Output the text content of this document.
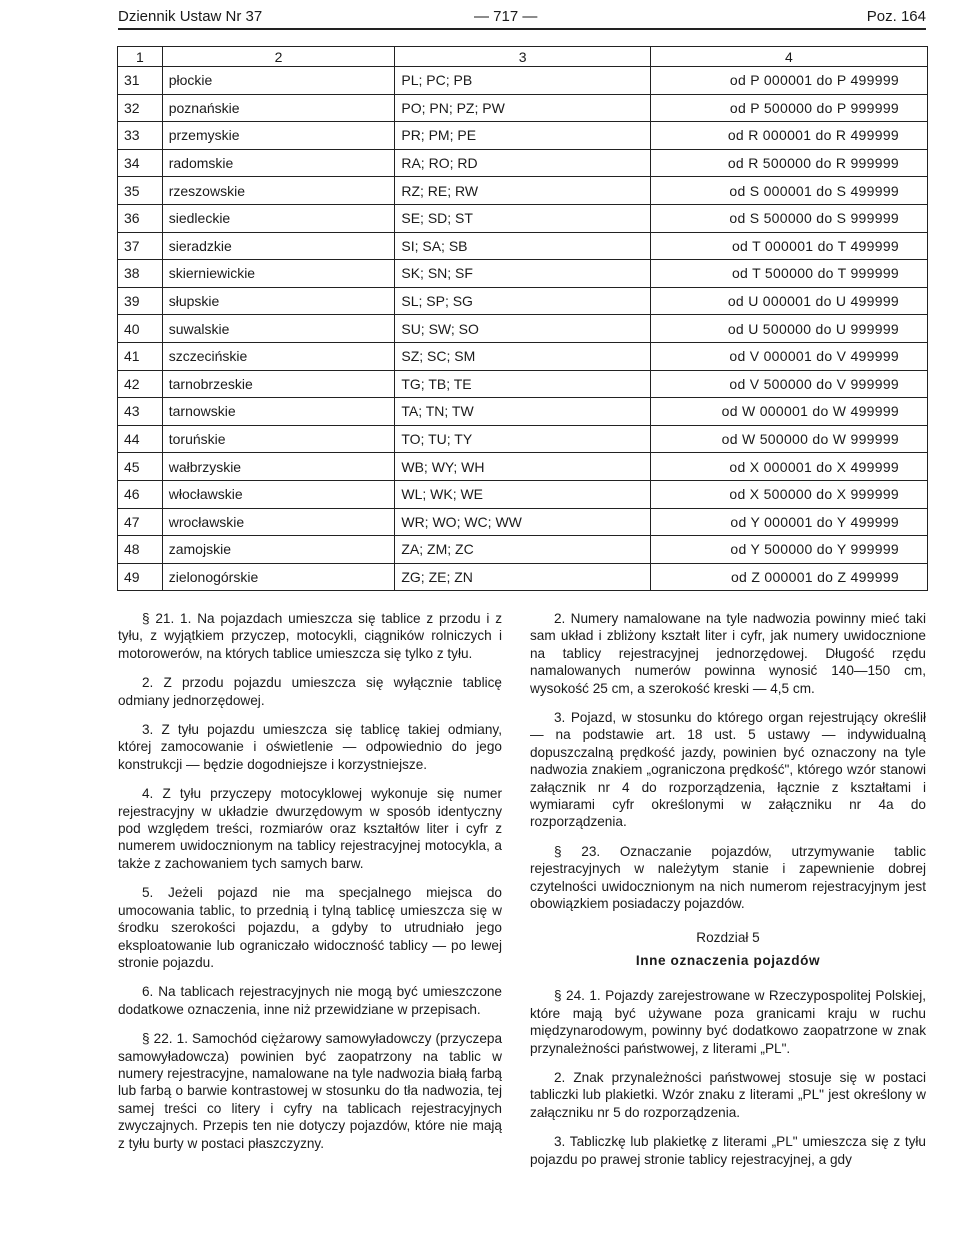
Dziennik Ustaw Nr 37	— 717 —	Poz. 164
1	2	3	4
31	płockie	PL; PC; PB	od P 000001 do P 499999
32	poznańskie	PO; PN; PZ; PW	od P 500000 do P 999999
33	przemyskie	PR; PM; PE	od R 000001 do R 499999
34	radomskie	RA; RO; RD	od R 500000 do R 999999
35	rzeszowskie	RZ; RE; RW	od S 000001 do S 499999
36	siedleckie	SE; SD; ST	od S 500000 do S 999999
37	sieradzkie	SI; SA; SB	od T 000001 do T 499999
38	skierniewickie	SK; SN; SF	od T 500000 do T 999999
39	słupskie	SL; SP; SG	od U 000001 do U 499999
40	suwalskie	SU; SW; SO	od U 500000 do U 999999
41	szczecińskie	SZ; SC; SM	od V 000001 do V 499999
42	tarnobrzeskie	TG; TB; TE	od V 500000 do V 999999
43	tarnowskie	TA; TN; TW	od W 000001 do W 499999
44	toruńskie	TO; TU; TY	od W 500000 do W 999999
45	wałbrzyskie	WB; WY; WH	od X 000001 do X 499999
46	włocławskie	WL; WK; WE	od X 500000 do X 999999
47	wrocławskie	WR; WO; WC; WW	od Y 000001 do Y 499999
48	zamojskie	ZA; ZM; ZC	od Y 500000 do Y 999999
49	zielonogórskie	ZG; ZE; ZN	od Z 000001 do Z 499999

§ 21. 1. Na pojazdach umieszcza się tablice z przodu i z tyłu, z wyjątkiem przyczep, motocykli, ciągników rolniczych i motorowerów, na których tablice umieszcza się tylko z tyłu.

2. Z przodu pojazdu umieszcza się wyłącznie tablicę odmiany jednorzędowej.

3. Z tyłu pojazdu umieszcza się tablicę takiej odmiany, której zamocowanie i oświetlenie — odpowiednio do jego konstrukcji — będzie dogodniejsze i korzystniejsze.

4. Z tyłu przyczepy motocyklowej wykonuje się numer rejestracyjny w układzie dwurzędowym w sposób identyczny pod względem treści, rozmiarów oraz kształtów liter i cyfr z numerem uwidocznionym na tablicy rejestracyjnej motocykla, a także z zachowaniem tych samych barw.

5. Jeżeli pojazd nie ma specjalnego miejsca do umocowania tablic, to przednią i tylną tablicę umieszcza się w środku szerokości pojazdu, a gdyby to utrudniało jego eksploatowanie lub ograniczało widoczność tablicy — po lewej stronie pojazdu.

6. Na tablicach rejestracyjnych nie mogą być umieszczone dodatkowe oznaczenia, inne niż przewidziane w przepisach.

§ 22. 1. Samochód ciężarowy samowyładowczy (przyczepa samowyładowcza) powinien być zaopatrzony na tablic w numery rejestracyjne, namalowane na tyle nadwozia białą farbą lub farbą o barwie kontrastowej w stosunku do tła nadwozia, tej samej treści co litery i cyfry na tablicach rejestracyjnych zwyczajnych. Przepis ten nie dotyczy pojazdów, które nie mają z tyłu burty w postaci płaszczyzny.

2. Numery namalowane na tyle nadwozia powinny mieć taki sam układ i zbliżony kształt liter i cyfr, jak numery uwidocznione na tablicy rejestracyjnej jednorzędowej. Długość rzędu namalowanych numerów powinna wynosić 140—150 cm, wysokość 25 cm, a szerokość kreski — 4,5 cm.

3. Pojazd, w stosunku do którego organ rejestrujący określił — na podstawie art. 18 ust. 5 ustawy — indywidualną dopuszczalną prędkość jazdy, powinien być oznaczony na tyle nadwozia znakiem „ograniczona prędkość", którego wzór stanowi załącznik nr 4 do rozporządzenia, łącznie z kształtami i wymiarami cyfr określonymi w załączniku nr 4a do rozporządzenia.

§ 23. Oznaczanie pojazdów, utrzymywanie tablic rejestracyjnych w należytym stanie i zapewnienie dobrej czytelności uwidocznionym na nich numerom rejestracyjnym jest obowiązkiem posiadaczy pojazdów.

Rozdział 5

Inne oznaczenia pojazdów

§ 24. 1. Pojazdy zarejestrowane w Rzeczypospolitej Polskiej, które mają być używane poza granicami kraju w ruchu międzynarodowym, powinny być dodatkowo zaopatrzone w znak przynależności państwowej, z literami „PL".

2. Znak przynależności państwowej stosuje się w postaci tabliczki lub plakietki. Wzór znaku z literami „PL" jest określony w załączniku nr 5 do rozporządzenia.

3. Tabliczkę lub plakietkę z literami „PL" umieszcza się z tyłu pojazdu po prawej stronie tablicy rejestracyjnej, a gdy
